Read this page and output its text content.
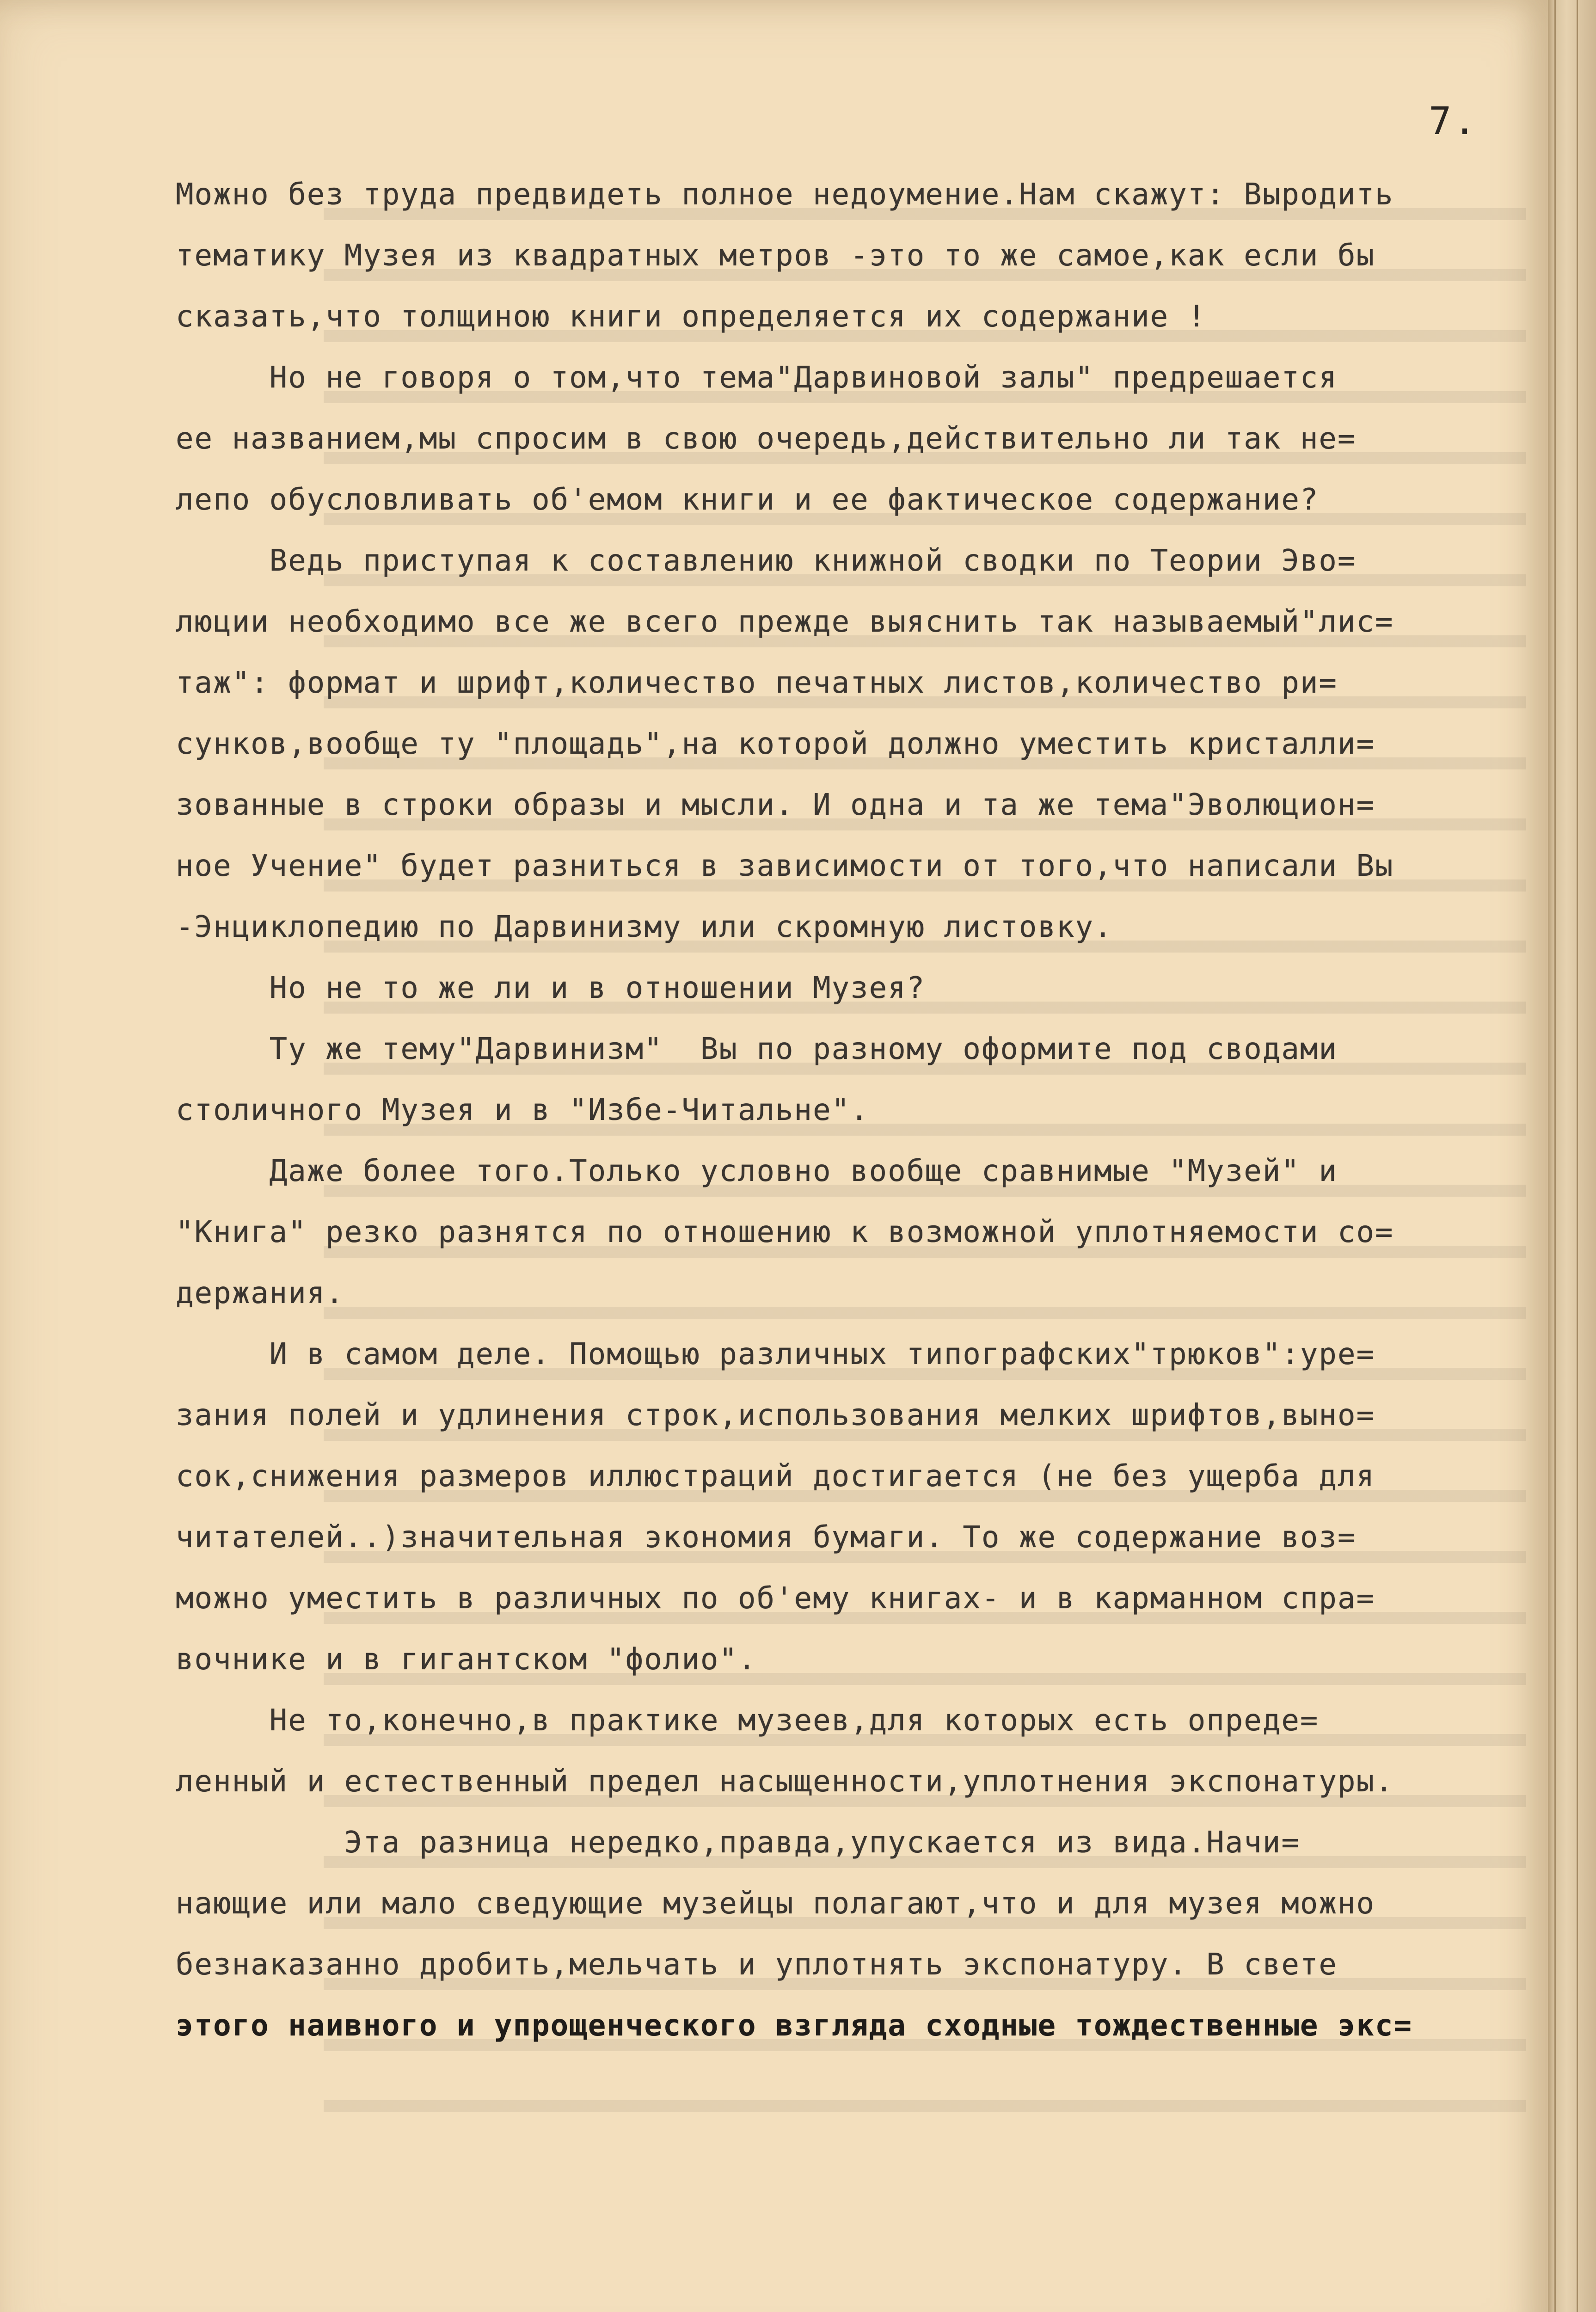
7.
Можно без труда предвидеть полное недоумение.Нам скажут: Выродить
тематику Музея из квадратных метров -это то же самое,как если бы
сказать,что толщиною книги определяется их содержание !
Но не говоря о том,что тема"Дарвиновой залы" предрешается
ее названием,мы спросим в свою очередь,действительно ли так не=
лепо обусловливать об'емом книги и ее фактическое содержание?
Ведь приступая к составлению книжной сводки по Теории Эво=
люции необходимо все же всего прежде выяснить так называемый"лис=
таж": формат и шрифт,количество печатных листов,количество ри=
сунков,вообще ту "площадь",на которой должно уместить кристалли=
зованные в строки образы и мысли. И одна и та же тема"Эволюцион=
ное Учение" будет разниться в зависимости от того,что написали Вы
-Энциклопедию по Дарвинизму или скромную листовку.
Но не то же ли и в отношении Музея?
Ту же тему"Дарвинизм"  Вы по разному оформите под сводами
столичного Музея и в "Избе-Читальне".
Даже более того.Только условно вообще сравнимые "Музей" и
"Книга" резко разнятся по отношению к возможной уплотняемости со=
держания.
И в самом деле. Помощью различных типографских"трюков":уре=
зания полей и удлинения строк,использования мелких шрифтов,выно=
сок,снижения размеров иллюстраций достигается (не без ущерба для
читателей..)значительная экономия бумаги. То же содержание воз=
можно уместить в различных по об'ему книгах- и в карманном спра=
вочнике и в гигантском "фолио".
Не то,конечно,в практике музеев,для которых есть опреде=
ленный и естественный предел насыщенности,уплотнения экспонатуры.
Эта разница нередко,правда,упускается из вида.Начи=
нающие или мало сведующие музейцы полагают,что и для музея можно
безнаказанно дробить,мельчать и уплотнять экспонатуру. В свете
этого наивного и упрощенческого взгляда сходные тождественные экс=
